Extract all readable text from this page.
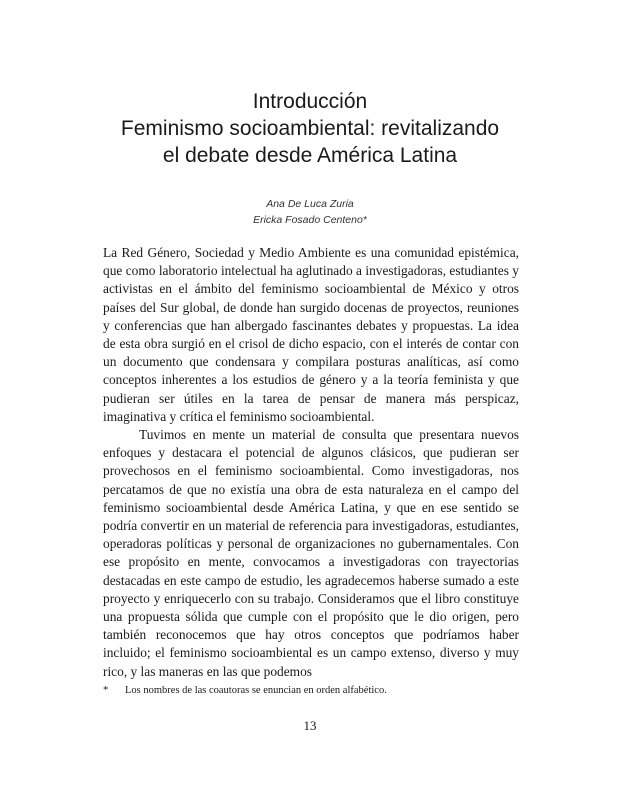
Introducción
Feminismo socioambiental: revitalizando
el debate desde América Latina
Ana De Luca Zuria
Ericka Fosado Centeno*

La Red Género, Sociedad y Medio Ambiente es una comunidad epistémica, que como laboratorio intelectual ha aglutinado a investigadoras, estudiantes y activistas en el ámbito del feminismo socioambiental de México y otros países del Sur global, de donde han surgido docenas de proyectos, reuniones y conferencias que han albergado fascinantes debates y propuestas. La idea de esta obra surgió en el crisol de dicho espacio, con el interés de contar con un documento que condensara y compilara posturas analíticas, así como conceptos inherentes a los estudios de género y a la teoría feminista y que pudieran ser útiles en la tarea de pensar de manera más perspicaz, imaginativa y crítica el feminismo socioambiental.

Tuvimos en mente un material de consulta que presentara nuevos enfoques y destacara el potencial de algunos clásicos, que pudieran ser provechosos en el feminismo socioambiental. Como investigadoras, nos percatamos de que no existía una obra de esta naturaleza en el campo del feminismo socioambiental desde América Latina, y que en ese sentido se podría convertir en un material de referencia para investigadoras, estudiantes, operadoras políticas y personal de organizaciones no gubernamentales. Con ese propósito en mente, convocamos a investigadoras con trayectorias destacadas en este campo de estudio, les agradecemos haberse sumado a este proyecto y enriquecerlo con su trabajo. Consideramos que el libro constituye una propuesta sólida que cumple con el propósito que le dio origen, pero también reconocemos que hay otros conceptos que podríamos haber incluido; el feminismo socioambiental es un campo extenso, diverso y muy rico, y las maneras en las que podemos

* Los nombres de las coautoras se enuncian en orden alfabético.
13
